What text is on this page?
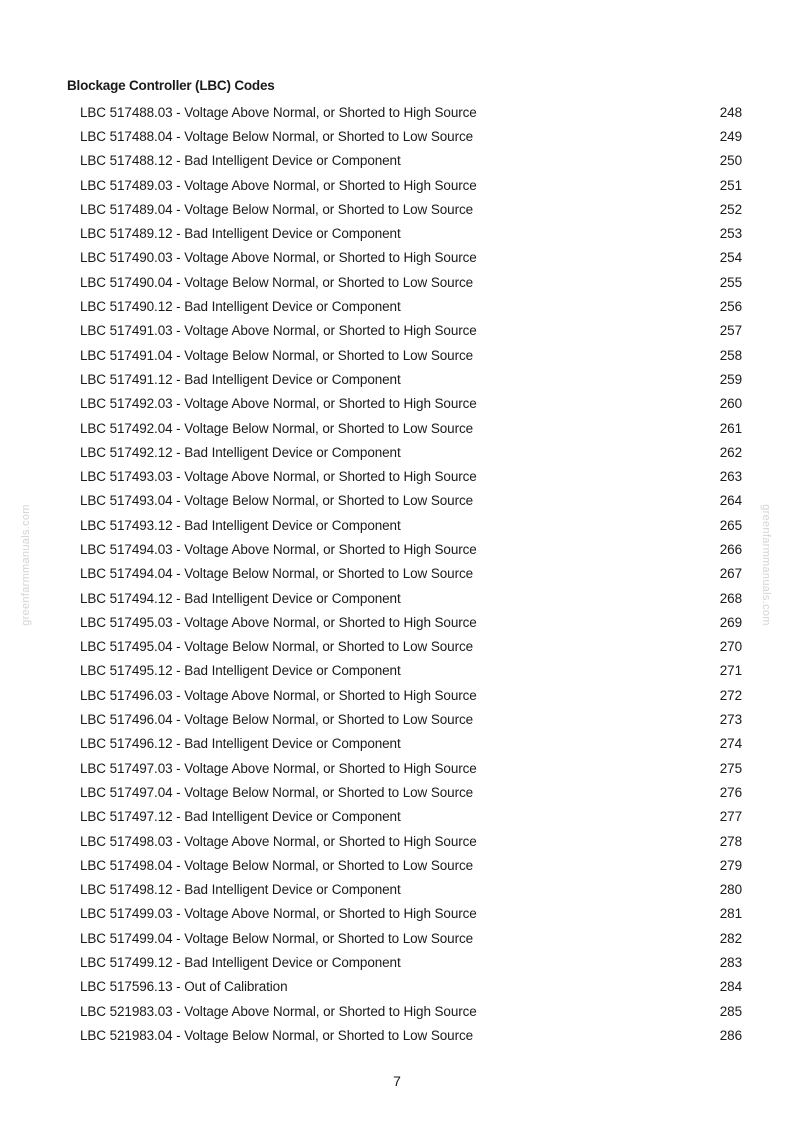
greenfarmmanuals.com	greenfarmmanuals.com
Blockage Controller (LBC) Codes
LBC 517488.03 - Voltage Above Normal, or Shorted to High Source	248
LBC 517488.04 - Voltage Below Normal, or Shorted to Low Source	249
LBC 517488.12 - Bad Intelligent Device or Component	250
LBC 517489.03 - Voltage Above Normal, or Shorted to High Source	251
LBC 517489.04 - Voltage Below Normal, or Shorted to Low Source	252
LBC 517489.12 - Bad Intelligent Device or Component	253
LBC 517490.03 - Voltage Above Normal, or Shorted to High Source	254
LBC 517490.04 - Voltage Below Normal, or Shorted to Low Source	255
LBC 517490.12 - Bad Intelligent Device or Component	256
LBC 517491.03 - Voltage Above Normal, or Shorted to High Source	257
LBC 517491.04 - Voltage Below Normal, or Shorted to Low Source	258
LBC 517491.12 - Bad Intelligent Device or Component	259
LBC 517492.03 - Voltage Above Normal, or Shorted to High Source	260
LBC 517492.04 - Voltage Below Normal, or Shorted to Low Source	261
LBC 517492.12 - Bad Intelligent Device or Component	262
LBC 517493.03 - Voltage Above Normal, or Shorted to High Source	263
LBC 517493.04 - Voltage Below Normal, or Shorted to Low Source	264
LBC 517493.12 - Bad Intelligent Device or Component	265
LBC 517494.03 - Voltage Above Normal, or Shorted to High Source	266
LBC 517494.04 - Voltage Below Normal, or Shorted to Low Source	267
LBC 517494.12 - Bad Intelligent Device or Component	268
LBC 517495.03 - Voltage Above Normal, or Shorted to High Source	269
LBC 517495.04 - Voltage Below Normal, or Shorted to Low Source	270
LBC 517495.12 - Bad Intelligent Device or Component	271
LBC 517496.03 - Voltage Above Normal, or Shorted to High Source	272
LBC 517496.04 - Voltage Below Normal, or Shorted to Low Source	273
LBC 517496.12 - Bad Intelligent Device or Component	274
LBC 517497.03 - Voltage Above Normal, or Shorted to High Source	275
LBC 517497.04 - Voltage Below Normal, or Shorted to Low Source	276
LBC 517497.12 - Bad Intelligent Device or Component	277
LBC 517498.03 - Voltage Above Normal, or Shorted to High Source	278
LBC 517498.04 - Voltage Below Normal, or Shorted to Low Source	279
LBC 517498.12 - Bad Intelligent Device or Component	280
LBC 517499.03 - Voltage Above Normal, or Shorted to High Source	281
LBC 517499.04 - Voltage Below Normal, or Shorted to Low Source	282
LBC 517499.12 - Bad Intelligent Device or Component	283
LBC 517596.13 - Out of Calibration	284
LBC 521983.03 - Voltage Above Normal, or Shorted to High Source	285
LBC 521983.04 - Voltage Below Normal, or Shorted to Low Source	286
7
